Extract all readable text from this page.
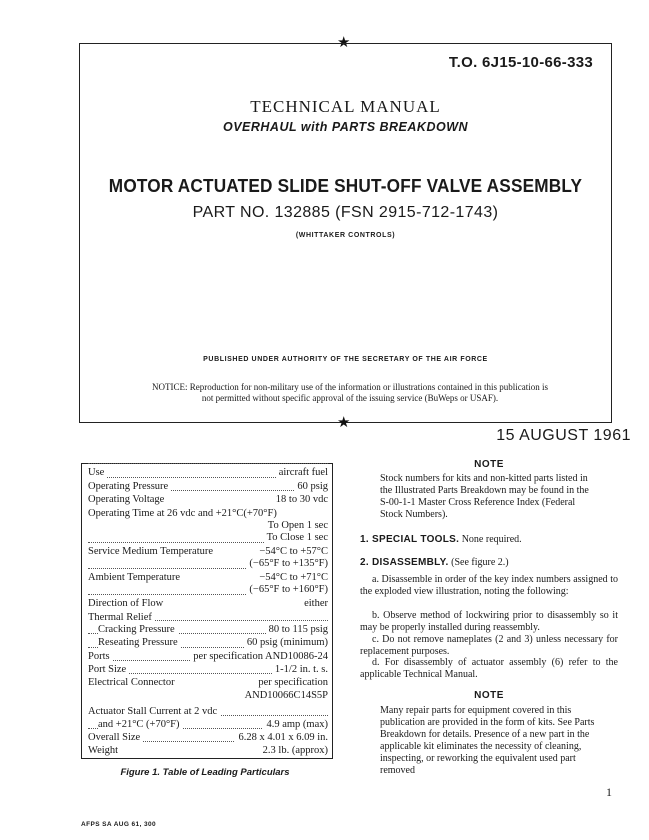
★
T.O. 6J15-10-66-333
TECHNICAL MANUAL
OVERHAUL with PARTS BREAKDOWN
MOTOR ACTUATED SLIDE SHUT-OFF VALVE ASSEMBLY
PART NO. 132885 (FSN 2915-712-1743)
(WHITTAKER CONTROLS)
PUBLISHED UNDER AUTHORITY OF THE SECRETARY OF THE AIR FORCE
NOTICE: Reproduction for non-military use of the information or illustrations contained in this publication is not permitted without specific approval of the issuing service (BuWeps or USAF).
★
15 AUGUST 1961
Use	aircraft fuel
Operating Pressure	60 psig
Operating Voltage	18 to 30 vdc
Operating Time at 26 vdc and +21°C(+70°F)
To Open 1 sec
To Close 1 sec
Service Medium Temperature	−54°C to +57°C
(−65°F to +135°F)
Ambient Temperature	−54°C to +71°C
(−65°F to +160°F)
Direction of Flow	either
Thermal Relief
Cracking Pressure	80 to 115 psig
Reseating Pressure	60 psig (minimum)
Ports	per specification AND10086-24
Port Size	1-1/2 in. t. s.
Electrical Connector	per specification
AND10066C14S5P
Actuator Stall Current at 2 vdc
and +21°C (+70°F)	4.9 amp (max)
Overall Size	6.28 x 4.01 x 6.09 in.
Weight	2.3 lb. (approx)
Figure 1. Table of Leading Particulars
NOTE
Stock numbers for kits and non-kitted parts listed in the Illustrated Parts Breakdown may be found in the S-00-1-1 Master Cross Reference Index (Federal Stock Numbers).
1. SPECIAL TOOLS. None required.
2. DISASSEMBLY. (See figure 2.)
a. Disassemble in order of the key index numbers assigned to the exploded view illustration, noting the following:
b. Observe method of lockwiring prior to disassembly so it may be properly installed during reassembly.
c. Do not remove nameplates (2 and 3) unless necessary for replacement purposes.
d. For disassembly of actuator assembly (6) refer to the applicable Technical Manual.
NOTE
Many repair parts for equipment covered in this publication are provided in the form of kits. See Parts Breakdown for details. Presence of a new part in the applicable kit eliminates the necessity of cleaning, inspecting, or reworking the equivalent used part removed
1
AFPS SA AUG 61, 300
